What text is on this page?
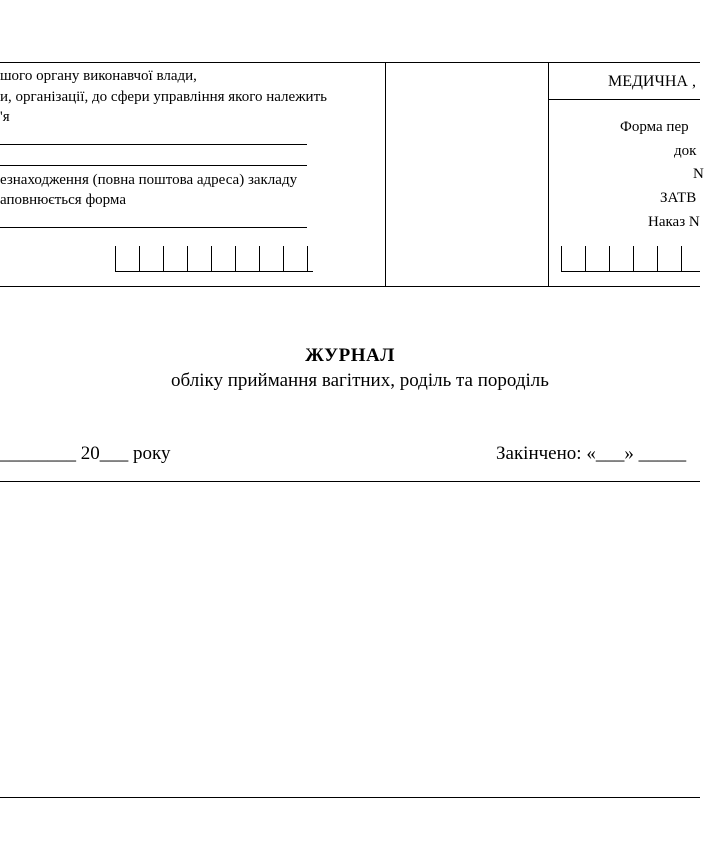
шого органу виконавчої влади,
и, організації, до сфери управління якого належить
'я
езнаходження (повна поштова адреса) закладу
аповнюється форма
МЕДИЧНА ,
Форма пер
док
N
ЗАТВ
Наказ N
ЖУРНАЛ
обліку приймання вагітних, роділь та породіль
________ 20___ року	Закінчено: «___» _____
